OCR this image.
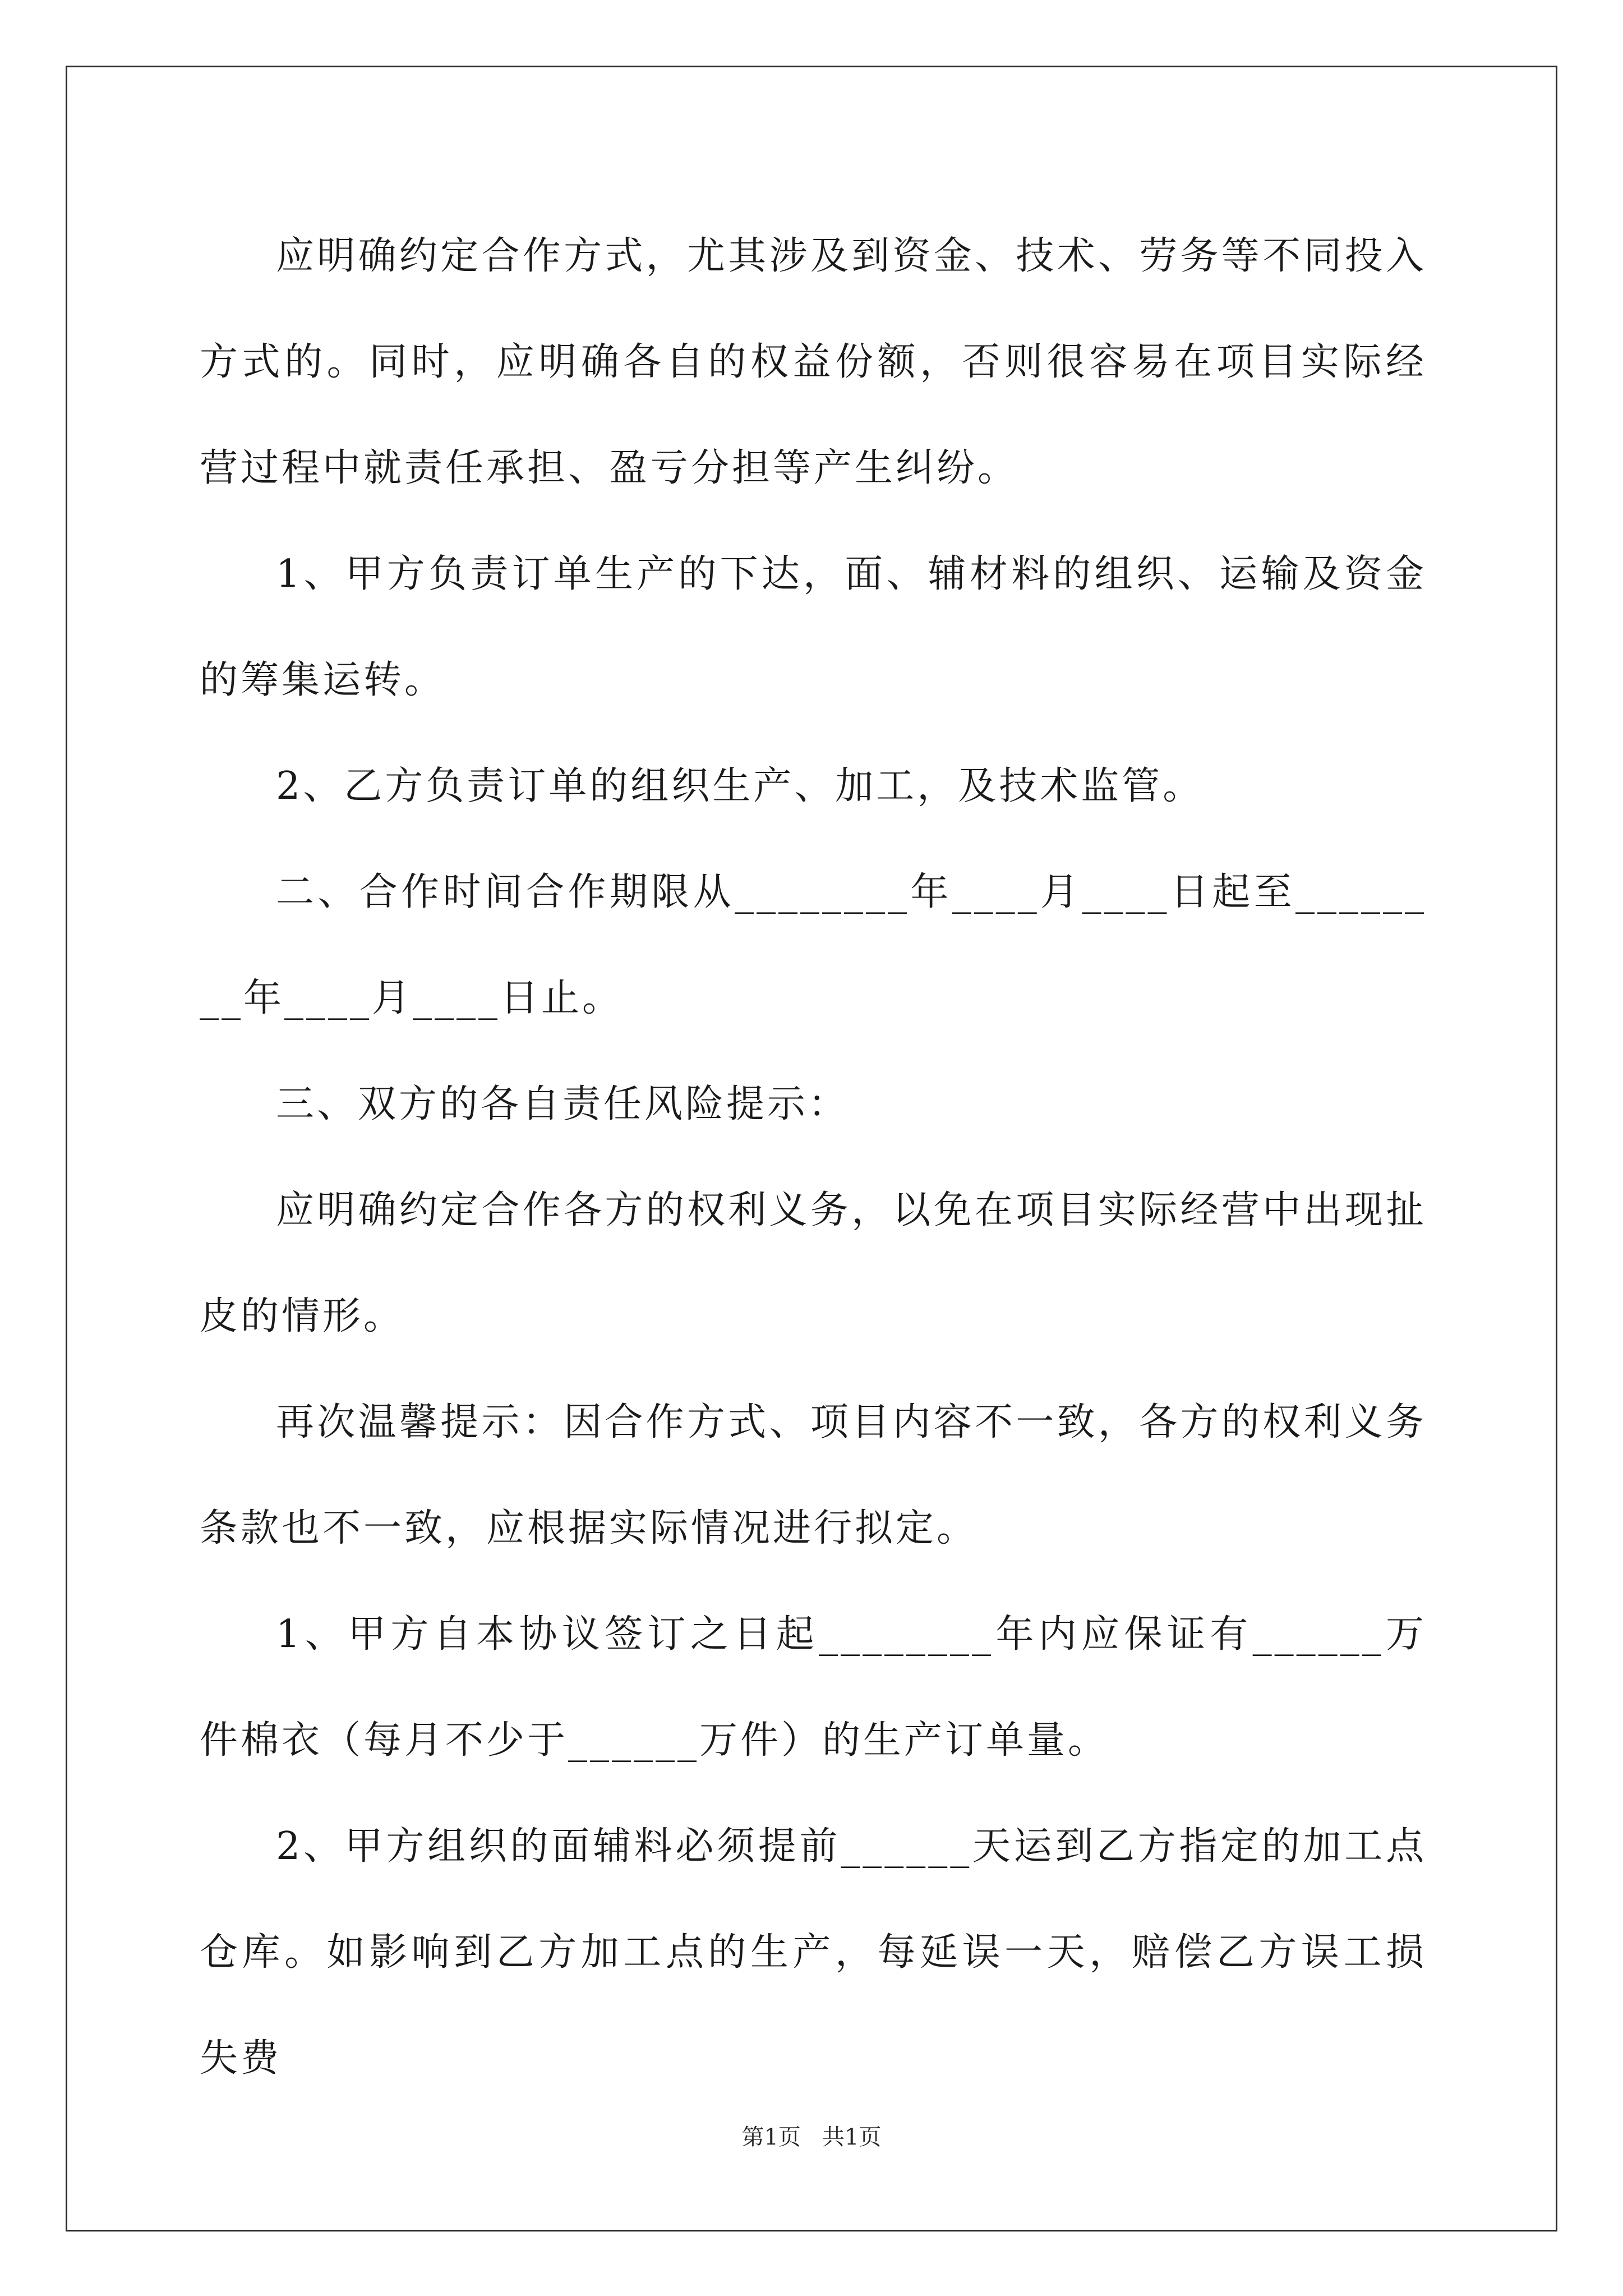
应明确约定合作方式，尤其涉及到资金、技术、劳务等不同投入方式的。同时，应明确各自的权益份额，否则很容易在项目实际经营过程中就责任承担、盈亏分担等产生纠纷。

1、甲方负责订单生产的下达，面、辅材料的组织、运输及资金的筹集运转。

2、乙方负责订单的组织生产、加工，及技术监管。

二、合作时间合作期限从________年____月____日起至________年____月____日止。

三、双方的各自责任风险提示：

应明确约定合作各方的权利义务，以免在项目实际经营中出现扯皮的情形。

再次温馨提示：因合作方式、项目内容不一致，各方的权利义务条款也不一致，应根据实际情况进行拟定。

1、甲方自本协议签订之日起________年内应保证有______万件棉衣（每月不少于______万件）的生产订单量。

2、甲方组织的面辅料必须提前______天运到乙方指定的加工点仓库。如影响到乙方加工点的生产，每延误一天，赔偿乙方误工损失费

第1页   共1页
